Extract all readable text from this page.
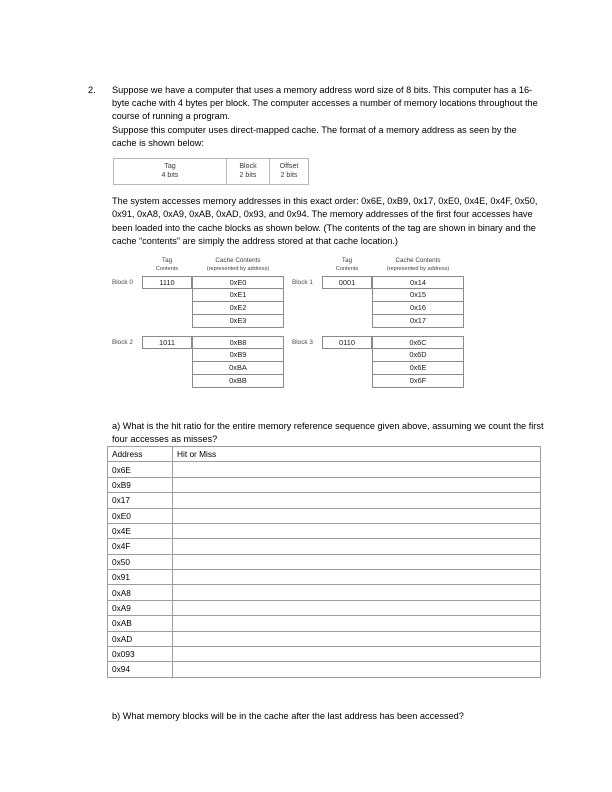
2.	Suppose we have a computer that uses a memory address word size of 8 bits. This computer has a 16-byte cache with 4 bytes per block. The computer accesses a number of memory locations throughout the course of running a program.

Suppose this computer uses direct-mapped cache. The format of a memory address as seen by the cache is shown below:

Tag
4 bits

Block
2 bits

Offset
2 bits

The system accesses memory addresses in this exact order: 0x6E, 0xB9, 0x17, 0xE0, 0x4E, 0x4F, 0x50, 0x91, 0xA8, 0xA9, 0xAB, 0xAD, 0x93, and 0x94. The memory addresses of the first four accesses have been loaded into the cache blocks as shown below. (The contents of the tag are shown in binary and the cache “contents” are simply the address stored at that cache location.)

Tag
Contents
Cache Contents
(represented by address)
Block 0	1110	0xE0
0xE1
0xE2
0xE3
Tag
Contents
Cache Contents
(represented by address)
Block 1	0001	0x14
0x15
0x16
0x17
Block 2	1011	0xB8
0xB9
0xBA
0xBB
Block 3	0110	0x6C
0x6D
0x6E
0x6F

a) What is the hit ratio for the entire memory reference sequence given above, assuming we count the first four accesses as misses?

Address	Hit or Miss
0x6E	
0xB9	
0x17	
0xE0	
0x4E	
0x4F	
0x50	
0x91	
0xA8	
0xA9	
0xAB	
0xAD	
0x093	
0x94	

b) What memory blocks will be in the cache after the last address has been accessed?
